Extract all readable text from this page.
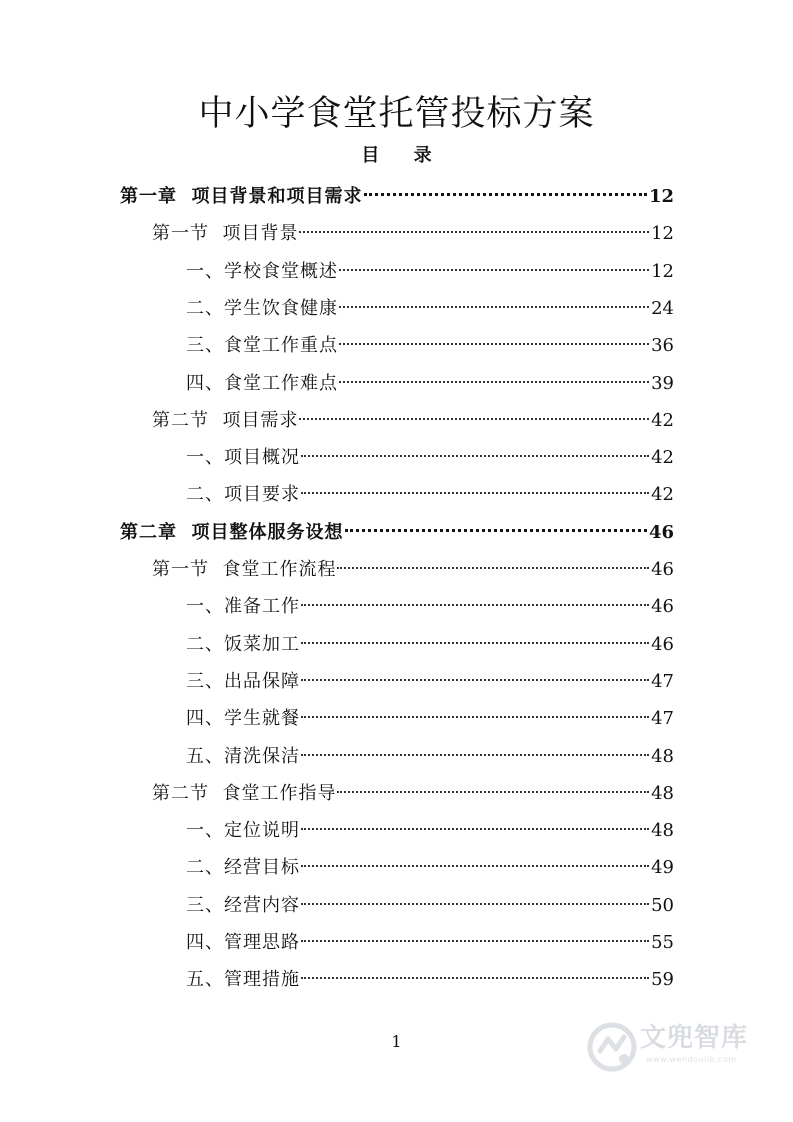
中小学食堂托管投标方案
目 录
第一章  项目背景和项目需求	12
第一节  项目背景	12
一、学校食堂概述	12
二、学生饮食健康	24
三、食堂工作重点	36
四、食堂工作难点	39
第二节  项目需求	42
一、项目概况	42
二、项目要求	42
第二章  项目整体服务设想	46
第一节  食堂工作流程	46
一、准备工作	46
二、饭菜加工	46
三、出品保障	47
四、学生就餐	47
五、清洗保洁	48
第二节  食堂工作指导	48
一、定位说明	48
二、经营目标	49
三、经营内容	50
四、管理思路	55
五、管理措施	59
1	文兜智库
www.wendoulib.com
